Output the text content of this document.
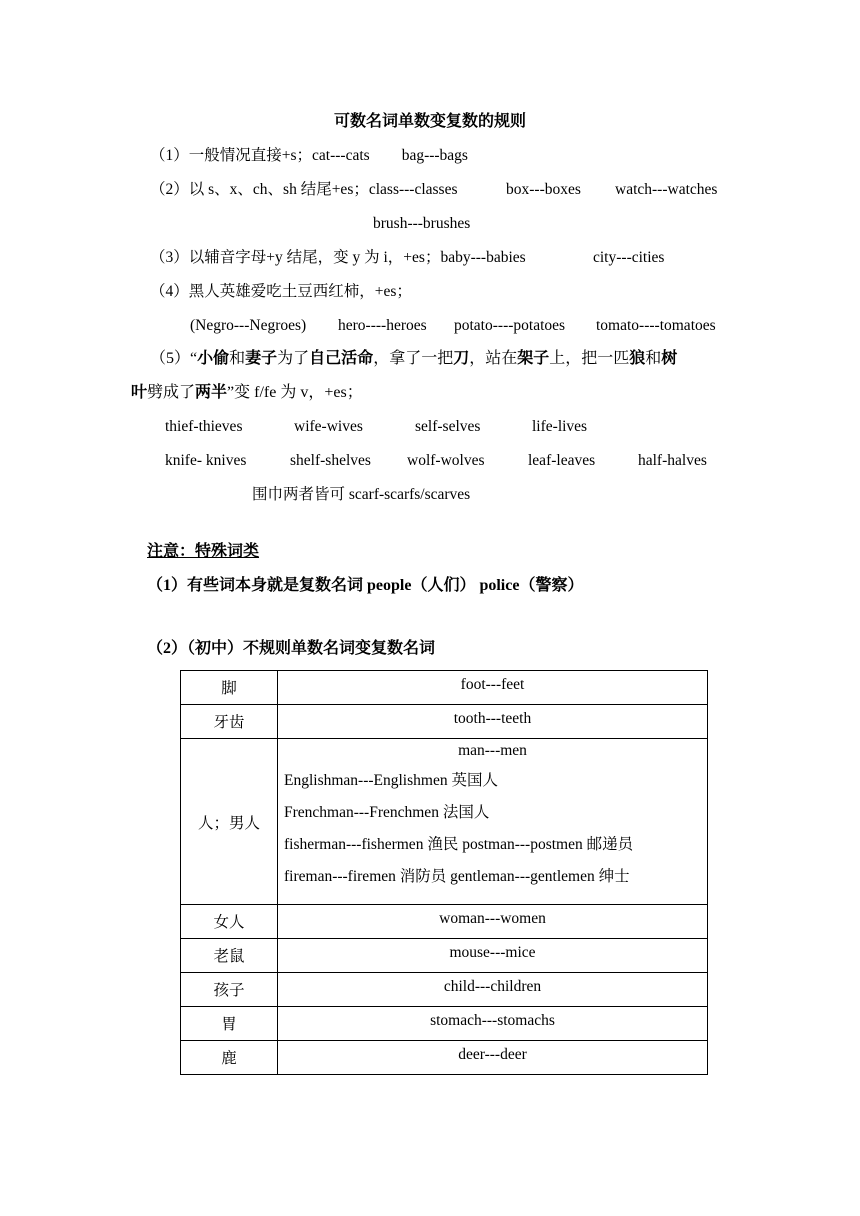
可数名词单数变复数的规则
（1）一般情况直接+s；cat---cats bag---bags
（2）以 s、x、ch、sh 结尾+es；class---classes	box---boxes watch---watches
brush---brushes
（3）以辅音字母+y 结尾，变 y 为 i，+es；baby---babies	city---cities
（4）黑人英雄爱吃土豆西红柿，+es；
(Negro---Negroes) hero----heroes potato----potatoes tomato----tomatoes
（5）“小偷和妻子为了自己活命，拿了一把刀，站在架子上，把一匹狼和树
叶劈成了两半”变 f/fe 为 v，+es；
thief-thieves	wife-wives	self-selves	life-lives
knife- knives	shelf-shelves wolf-wolves	leaf-leaves	half-halves
围巾两者皆可 scarf-scarfs/scarves
注意：特殊词类
（1）有些词本身就是复数名词 people（人们） police（警察）
（2）（初中）不规则单数名词变复数名词
脚	foot---feet
牙齿	tooth---teeth
人；男人	man---men
Englishman---Englishmen 英国人
Frenchman---Frenchmen 法国人
fisherman---fishermen 渔民 postman---postmen 邮递员
fireman---firemen 消防员 gentleman---gentlemen 绅士

女人	woman---women
老鼠	mouse---mice
孩子	child---children
胃	stomach---stomachs
鹿	deer---deer
